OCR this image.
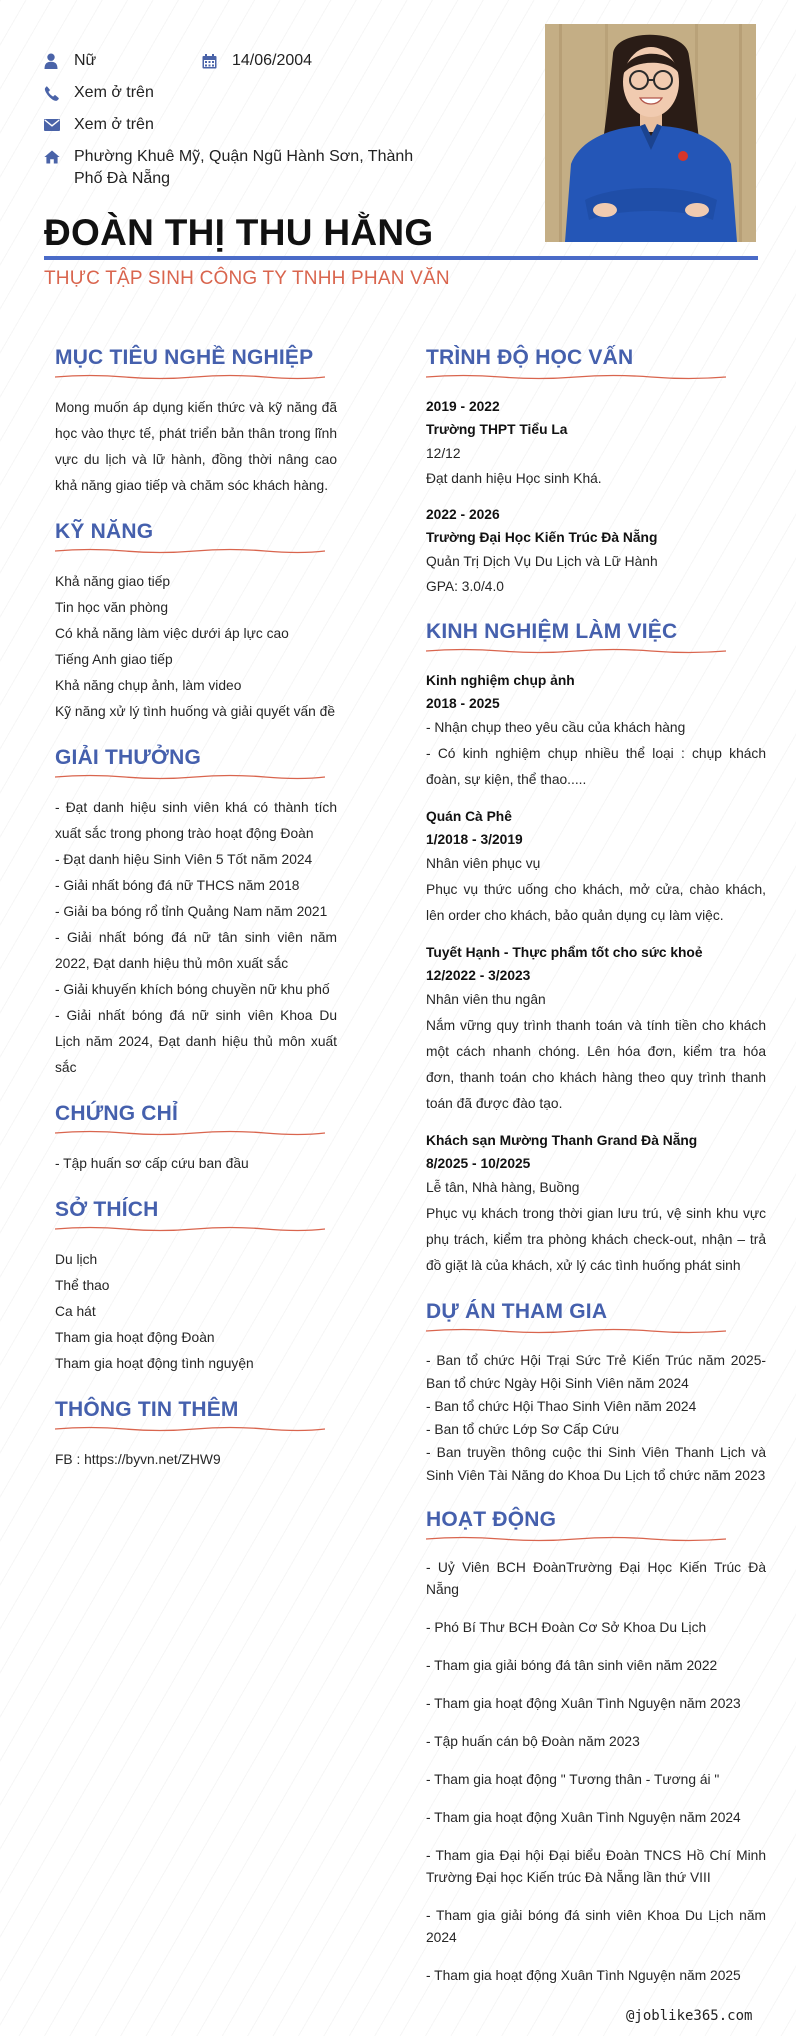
Nữ	14/06/2004
Xem ở trên
Xem ở trên
Phường Khuê Mỹ, Quận Ngũ Hành Sơn, Thành Phố Đà Nẵng
ĐOÀN THỊ THU HẰNG
THỰC TẬP SINH CÔNG TY TNHH PHAN VĂN
MỤC TIÊU NGHỀ NGHIỆP
Mong muốn áp dụng kiến thức và kỹ năng đã học vào thực tế, phát triển bản thân trong lĩnh vực du lịch và lữ hành, đồng thời nâng cao khả năng giao tiếp và chăm sóc khách hàng.
KỸ NĂNG
Khả năng giao tiếp
Tin học văn phòng
Có khả năng làm việc dưới áp lực cao
Tiếng Anh giao tiếp
Khả năng chụp ảnh, làm video
Kỹ năng xử lý tình huống và giải quyết vấn đề
GIẢI THƯỞNG
- Đạt danh hiệu sinh viên khá có thành tích xuất sắc trong phong trào hoạt động Đoàn
- Đạt danh hiệu Sinh Viên 5 Tốt năm 2024
- Giải nhất bóng đá nữ THCS năm 2018
- Giải ba bóng rổ tỉnh Quảng Nam năm 2021
- Giải nhất bóng đá nữ tân sinh viên năm 2022, Đạt danh hiệu thủ môn xuất sắc
- Giải khuyến khích bóng chuyền nữ khu phố
- Giải nhất bóng đá nữ sinh viên Khoa Du Lịch năm 2024, Đạt danh hiệu thủ môn xuất sắc
CHỨNG CHỈ
- Tập huấn sơ cấp cứu ban đầu
SỞ THÍCH
Du lịch
Thể thao
Ca hát
Tham gia hoạt động Đoàn
Tham gia hoạt động tình nguyện
THÔNG TIN THÊM
FB : https://byvn.net/ZHW9
TRÌNH ĐỘ HỌC VẤN
2019 - 2022
Trường THPT Tiểu La
12/12
Đạt danh hiệu Học sinh Khá.
2022 - 2026
Trường Đại Học Kiến Trúc Đà Nẵng
Quản Trị Dịch Vụ Du Lịch và Lữ Hành
GPA: 3.0/4.0
KINH NGHIỆM LÀM VIỆC
Kinh nghiệm chụp ảnh
2018 - 2025
- Nhận chụp theo yêu cầu của khách hàng
- Có kinh nghiệm chụp nhiều thể loại : chụp khách đoàn, sự kiện, thể thao.....
Quán Cà Phê
1/2018 - 3/2019
Nhân viên phục vụ
Phục vụ thức uống cho khách, mở cửa, chào khách, lên order cho khách, bảo quản dụng cụ làm việc.
Tuyết Hạnh - Thực phẩm tốt cho sức khoẻ
12/2022 - 3/2023
Nhân viên thu ngân
Nắm vững quy trình thanh toán và tính tiền cho khách một cách nhanh chóng. Lên hóa đơn, kiểm tra hóa đơn, thanh toán cho khách hàng theo quy trình thanh toán đã được đào tạo.
Khách sạn Mường Thanh Grand Đà Nẵng
8/2025 - 10/2025
Lễ tân, Nhà hàng, Buồng
Phục vụ khách trong thời gian lưu trú, vệ sinh khu vực phụ trách, kiểm tra phòng khách check-out, nhận – trả đồ giặt là của khách, xử lý các tình huống phát sinh
DỰ ÁN THAM GIA
- Ban tổ chức Hội Trại Sức Trẻ Kiến Trúc năm 2025- Ban tổ chức Ngày Hội Sinh Viên năm 2024
- Ban tổ chức Hội Thao Sinh Viên năm 2024
- Ban tổ chức Lớp Sơ Cấp Cứu
- Ban truyền thông cuộc thi Sinh Viên Thanh Lịch và Sinh Viên Tài Năng do Khoa Du Lịch tổ chức năm 2023
HOẠT ĐỘNG
- Uỷ Viên BCH ĐoànTrường Đại Học Kiến Trúc Đà Nẵng
- Phó Bí Thư BCH Đoàn Cơ Sở Khoa Du Lịch
- Tham gia giải bóng đá tân sinh viên năm 2022
- Tham gia hoạt động Xuân Tình Nguyện năm 2023
- Tập huấn cán bộ Đoàn năm 2023
- Tham gia hoạt động " Tương thân - Tương ái "
- Tham gia hoạt động Xuân Tình Nguyện năm 2024
- Tham gia Đại hội Đại biểu Đoàn TNCS Hồ Chí Minh Trường Đại học Kiến trúc Đà Nẵng lần thứ VIII
- Tham gia giải bóng đá sinh viên Khoa Du Lịch năm 2024
- Tham gia hoạt động Xuân Tình Nguyện năm 2025
@joblike365.com
